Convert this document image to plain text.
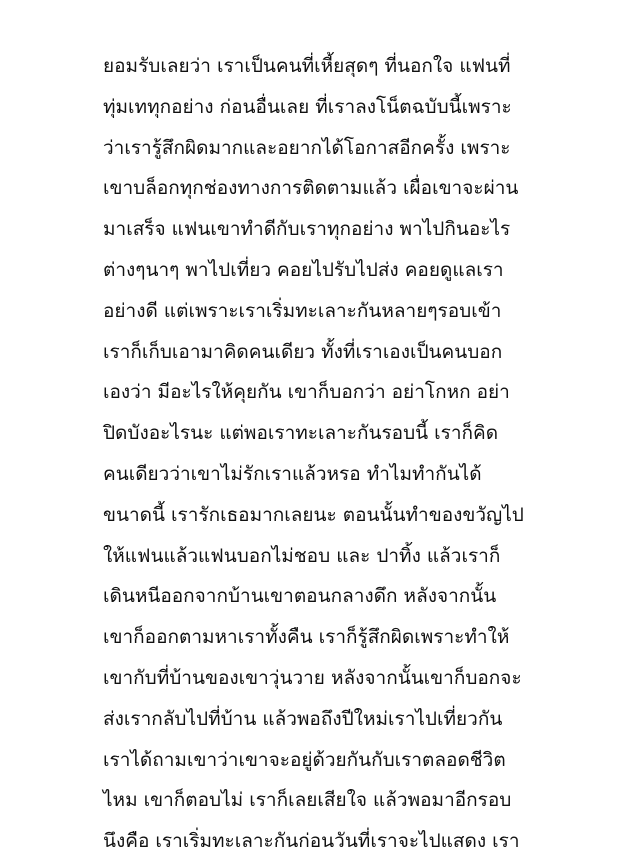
ยอมรับเลยว่า เราเป็นคนที่เหี้ยสุดๆ ที่นอกใจ แฟนที่
ทุ่มเททุกอย่าง ก่อนอื่นเลย ที่เราลงโน็ตฉบับนี้เพราะ
ว่าเรารู้สึกผิดมากและอยากได้โอกาสอีกครั้ง เพราะ
เขาบล็อกทุกช่องทางการติดตามแล้ว เผื่อเขาจะผ่าน
มาเสร็จ แฟนเขาทำดีกับเราทุกอย่าง พาไปกินอะไร
ต่างๆนาๆ พาไปเที่ยว คอยไปรับไปส่ง คอยดูแลเรา
อย่างดี แต่เพราะเราเริ่มทะเลาะกันหลายๆรอบเข้า
เราก็เก็บเอามาคิดคนเดียว ทั้งที่เราเองเป็นคนบอก
เองว่า มีอะไรให้คุยกัน เขาก็บอกว่า อย่าโกหก อย่า
ปิดบังอะไรนะ แต่พอเราทะเลาะกันรอบนี้ เราก็คิด
คนเดียวว่าเขาไม่รักเราแล้วหรอ ทำไมทำกันได้
ขนาดนี้ เรารักเธอมากเลยนะ ตอนนั้นทำของขวัญไป
ให้แฟนแล้วแฟนบอกไม่ชอบ และ ปาทิ้ง แล้วเราก็
เดินหนีออกจากบ้านเขาตอนกลางดึก หลังจากนั้น
เขาก็ออกตามหาเราทั้งคืน เราก็รู้สึกผิดเพราะทำให้
เขากับที่บ้านของเขาวุ่นวาย หลังจากนั้นเขาก็บอกจะ
ส่งเรากลับไปที่บ้าน แล้วพอถึงปีใหม่เราไปเที่ยวกัน
เราได้ถามเขาว่าเขาจะอยู่ด้วยกันกับเราตลอดชีวิต
ไหม เขาก็ตอบไม่ เราก็เลยเสียใจ แล้วพอมาอีกรอบ
นึงคือ เราเริ่มทะเลาะกันก่อนวันที่เราจะไปแสดง เรา
